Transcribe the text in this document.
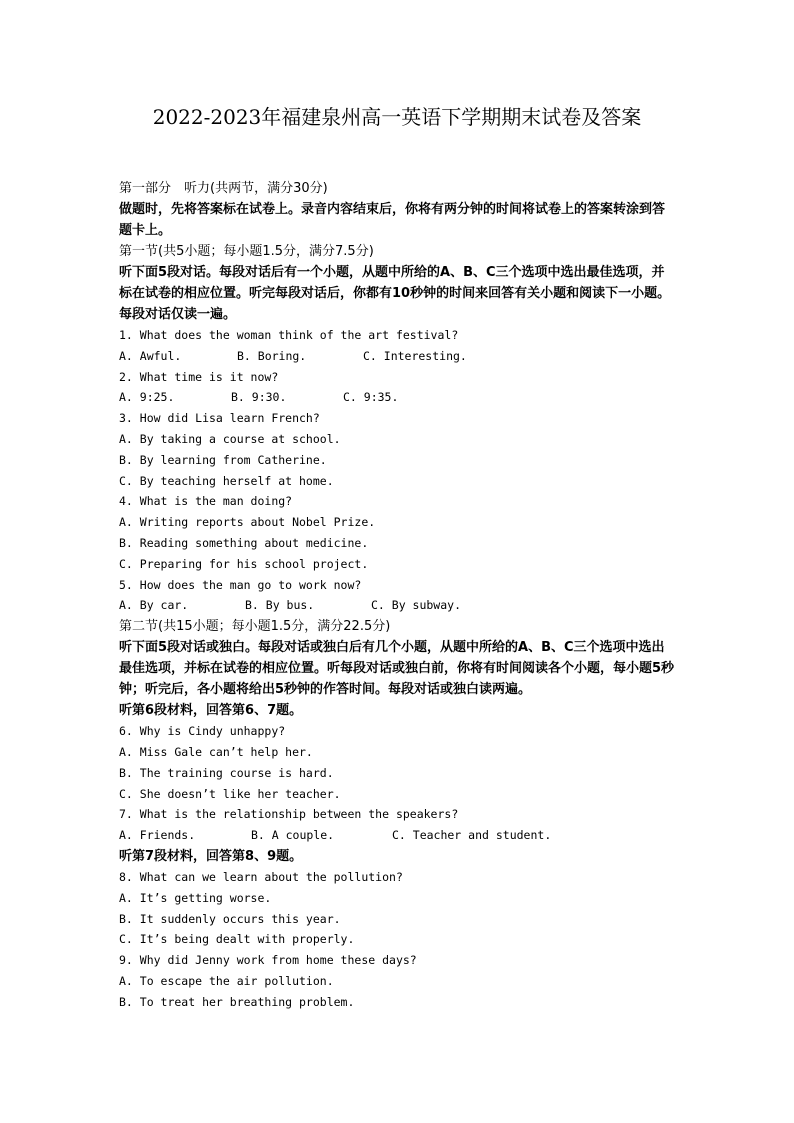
2022-2023年福建泉州高一英语下学期期末试卷及答案

第一部分　听力(共两节，满分30分)

做题时，先将答案标在试卷上。录音内容结束后，你将有两分钟的时间将试卷上的答案转涂到答题卡上。

第一节(共5小题；每小题1.5分，满分7.5分)

听下面5段对话。每段对话后有一个小题，从题中所给的A、B、C三个选项中选出最佳选项，并标在试卷的相应位置。听完每段对话后，你都有10秒钟的时间来回答有关小题和阅读下一小题。每段对话仅读一遍。

1. What does the woman think of the art festival?

A. Awful.	B. Boring.	C. Interesting.

2. What time is it now?

A. 9:25.	B. 9:30.	C. 9:35.

3. How did Lisa learn French?

A. By taking a course at school.

B. By learning from Catherine.

C. By teaching herself at home.

4. What is the man doing?

A. Writing reports about Nobel Prize.

B. Reading something about medicine.

C. Preparing for his school project.

5. How does the man go to work now?

A. By car.	B. By bus.	C. By subway.

第二节(共15小题；每小题1.5分，满分22.5分)

听下面5段对话或独白。每段对话或独白后有几个小题，从题中所给的A、B、C三个选项中选出最佳选项，并标在试卷的相应位置。听每段对话或独白前，你将有时间阅读各个小题，每小题5秒钟；听完后，各小题将给出5秒钟的作答时间。每段对话或独白读两遍。

听第6段材料，回答第6、7题。

6. Why is Cindy unhappy?

A. Miss Gale can’t help her.

B. The training course is hard.

C. She doesn’t like her teacher.

7. What is the relationship between the speakers?

A. Friends.	B. A couple.	C. Teacher and student.

听第7段材料，回答第8、9题。

8. What can we learn about the pollution?

A. It’s getting worse.

B. It suddenly occurs this year.

C. It’s being dealt with properly.

9. Why did Jenny work from home these days?

A. To escape the air pollution.

B. To treat her breathing problem.
